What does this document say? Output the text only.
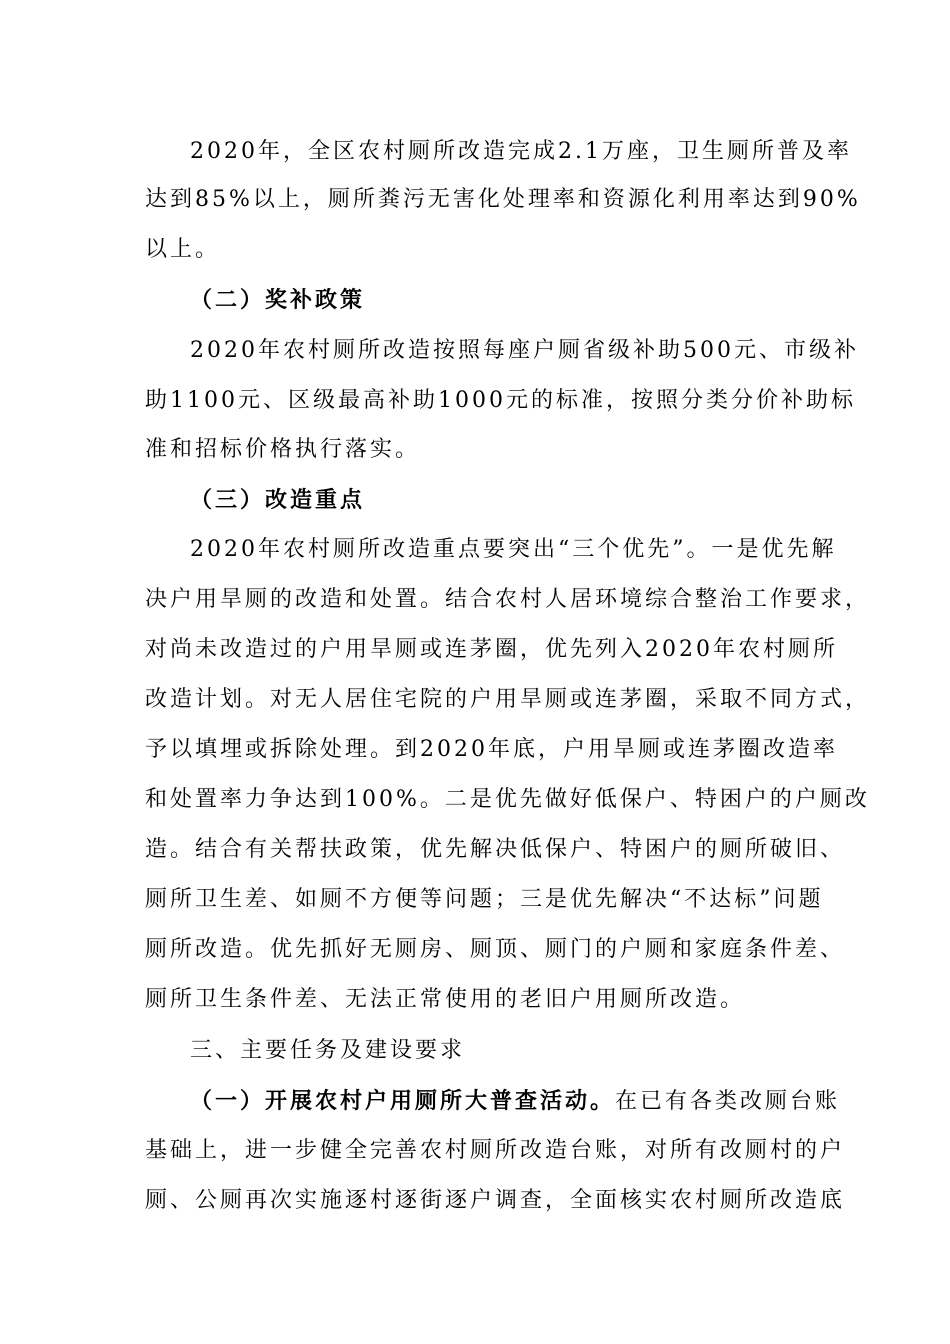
2020年，全区农村厕所改造完成2.1万座，卫生厕所普及率
达到85%以上，厕所粪污无害化处理率和资源化利用率达到90%
以上。
（二）奖补政策
2020年农村厕所改造按照每座户厕省级补助500元、市级补
助1100元、区级最高补助1000元的标准，按照分类分价补助标
准和招标价格执行落实。
（三）改造重点
2020年农村厕所改造重点要突出“三个优先”。一是优先解
决户用旱厕的改造和处置。结合农村人居环境综合整治工作要求，
对尚未改造过的户用旱厕或连茅圈，优先列入2020年农村厕所
改造计划。对无人居住宅院的户用旱厕或连茅圈，采取不同方式，
予以填埋或拆除处理。到2020年底，户用旱厕或连茅圈改造率
和处置率力争达到100%。二是优先做好低保户、特困户的户厕改
造。结合有关帮扶政策，优先解决低保户、特困户的厕所破旧、
厕所卫生差、如厕不方便等问题；三是优先解决“不达标”问题
厕所改造。优先抓好无厕房、厕顶、厕门的户厕和家庭条件差、
厕所卫生条件差、无法正常使用的老旧户用厕所改造。
三、主要任务及建设要求
（一）开展农村户用厕所大普查活动。在已有各类改厕台账
基础上，进一步健全完善农村厕所改造台账，对所有改厕村的户
厕、公厕再次实施逐村逐街逐户调查，全面核实农村厕所改造底
